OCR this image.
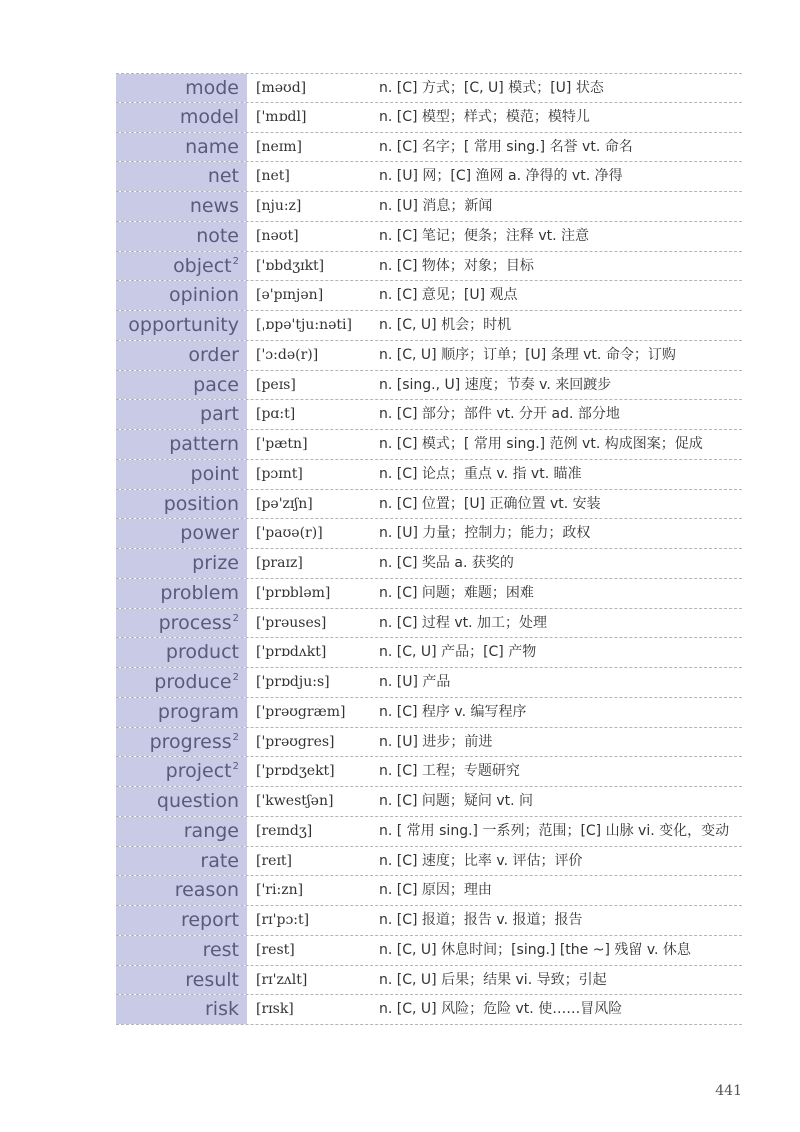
mode	[məʊd]	n. [C] 方式；[C, U] 模式；[U] 状态
model	['mɒdl]	n. [C] 模型；样式；模范；模特儿
name	[neɪm]	n. [C] 名字；[ 常用 sing.] 名誉 vt. 命名
net	[net]	n. [U] 网；[C] 渔网 a. 净得的 vt. 净得
news	[nju:z]	n. [U] 消息；新闻
note	[nəʊt]	n. [C] 笔记；便条；注释 vt. 注意
object$^2$	['ɒbdʒɪkt]	n. [C] 物体；对象；目标
opinion	[ə'pɪnjən]	n. [C] 意见；[U] 观点
opportunity	[ˌɒpə'tju:nəti]	n. [C, U] 机会；时机
order	['ɔ:də(r)]	n. [C, U] 顺序；订单；[U] 条理 vt. 命令；订购
pace	[peɪs]	n. [sing., U] 速度；节奏 v. 来回踱步
part	[pɑ:t]	n. [C] 部分；部件 vt. 分开 ad. 部分地
pattern	['pætn]	n. [C] 模式；[ 常用 sing.] 范例 vt. 构成图案；促成
point	[pɔɪnt]	n. [C] 论点；重点 v. 指 vt. 瞄准
position	[pə'zɪʃn]	n. [C] 位置；[U] 正确位置 vt. 安装
power	['paʊə(r)]	n. [U] 力量；控制力；能力；政权
prize	[praɪz]	n. [C] 奖品 a. 获奖的
problem	['prɒbləm]	n. [C] 问题；难题；困难
process$^2$	['prəuses]	n. [C] 过程 vt. 加工；处理
product	['prɒdʌkt]	n. [C, U] 产品；[C] 产物
produce$^2$	['prɒdju:s]	n. [U] 产品
program	['prəʊgræm]	n. [C] 程序 v. 编写程序
progress$^2$	['prəʊgres]	n. [U] 进步；前进
project$^2$	['prɒdʒekt]	n. [C] 工程；专题研究
question	['kwestʃən]	n. [C] 问题；疑问 vt. 问
range	[reɪndʒ]	n. [ 常用 sing.] 一系列；范围；[C] 山脉 vi. 变化，变动
rate	[reɪt]	n. [C] 速度；比率 v. 评估；评价
reason	['ri:zn]	n. [C] 原因；理由
report	[rɪ'pɔ:t]	n. [C] 报道；报告 v. 报道；报告
rest	[rest]	n. [C, U] 休息时间；[sing.] [the ~] 残留 v. 休息
result	[rɪ'zʌlt]	n. [C, U] 后果；结果 vi. 导致；引起
risk	[rɪsk]	n. [C, U] 风险；危险 vt. 使……冒风险
441
